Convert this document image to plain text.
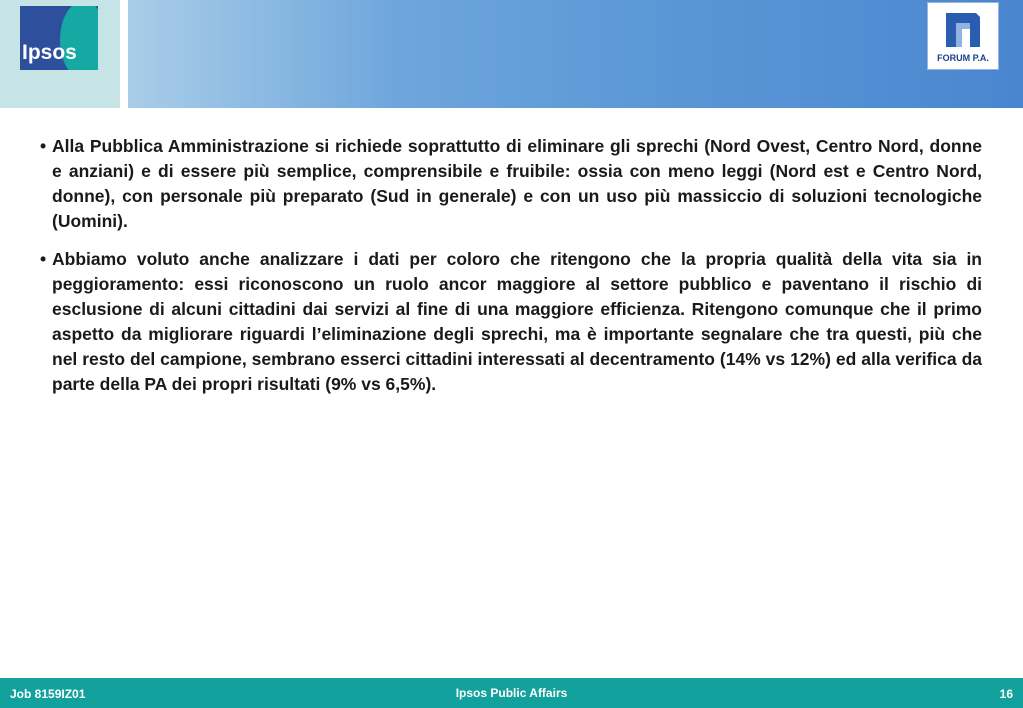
Ipsos	FORUM P.A.
• Alla Pubblica Amministrazione si richiede soprattutto di eliminare gli sprechi (Nord Ovest, Centro Nord, donne e anziani) e di essere più semplice, comprensibile e fruibile: ossia con meno leggi (Nord est e Centro Nord, donne), con personale più preparato (Sud in generale) e con un uso più massiccio di soluzioni tecnologiche (Uomini).
• Abbiamo voluto anche analizzare i dati per coloro che ritengono che la propria qualità della vita sia in peggioramento: essi riconoscono un ruolo ancor maggiore al settore pubblico e paventano il rischio di esclusione di alcuni cittadini dai servizi al fine di una maggiore efficienza. Ritengono comunque che il primo aspetto da migliorare riguardi l’eliminazione degli sprechi, ma è importante segnalare che tra questi, più che nel resto del campione, sembrano esserci cittadini interessati al decentramento (14% vs 12%) ed alla verifica da parte della PA dei propri risultati (9% vs 6,5%).
Job 8159IZ01	Ipsos Public Affairs	16
